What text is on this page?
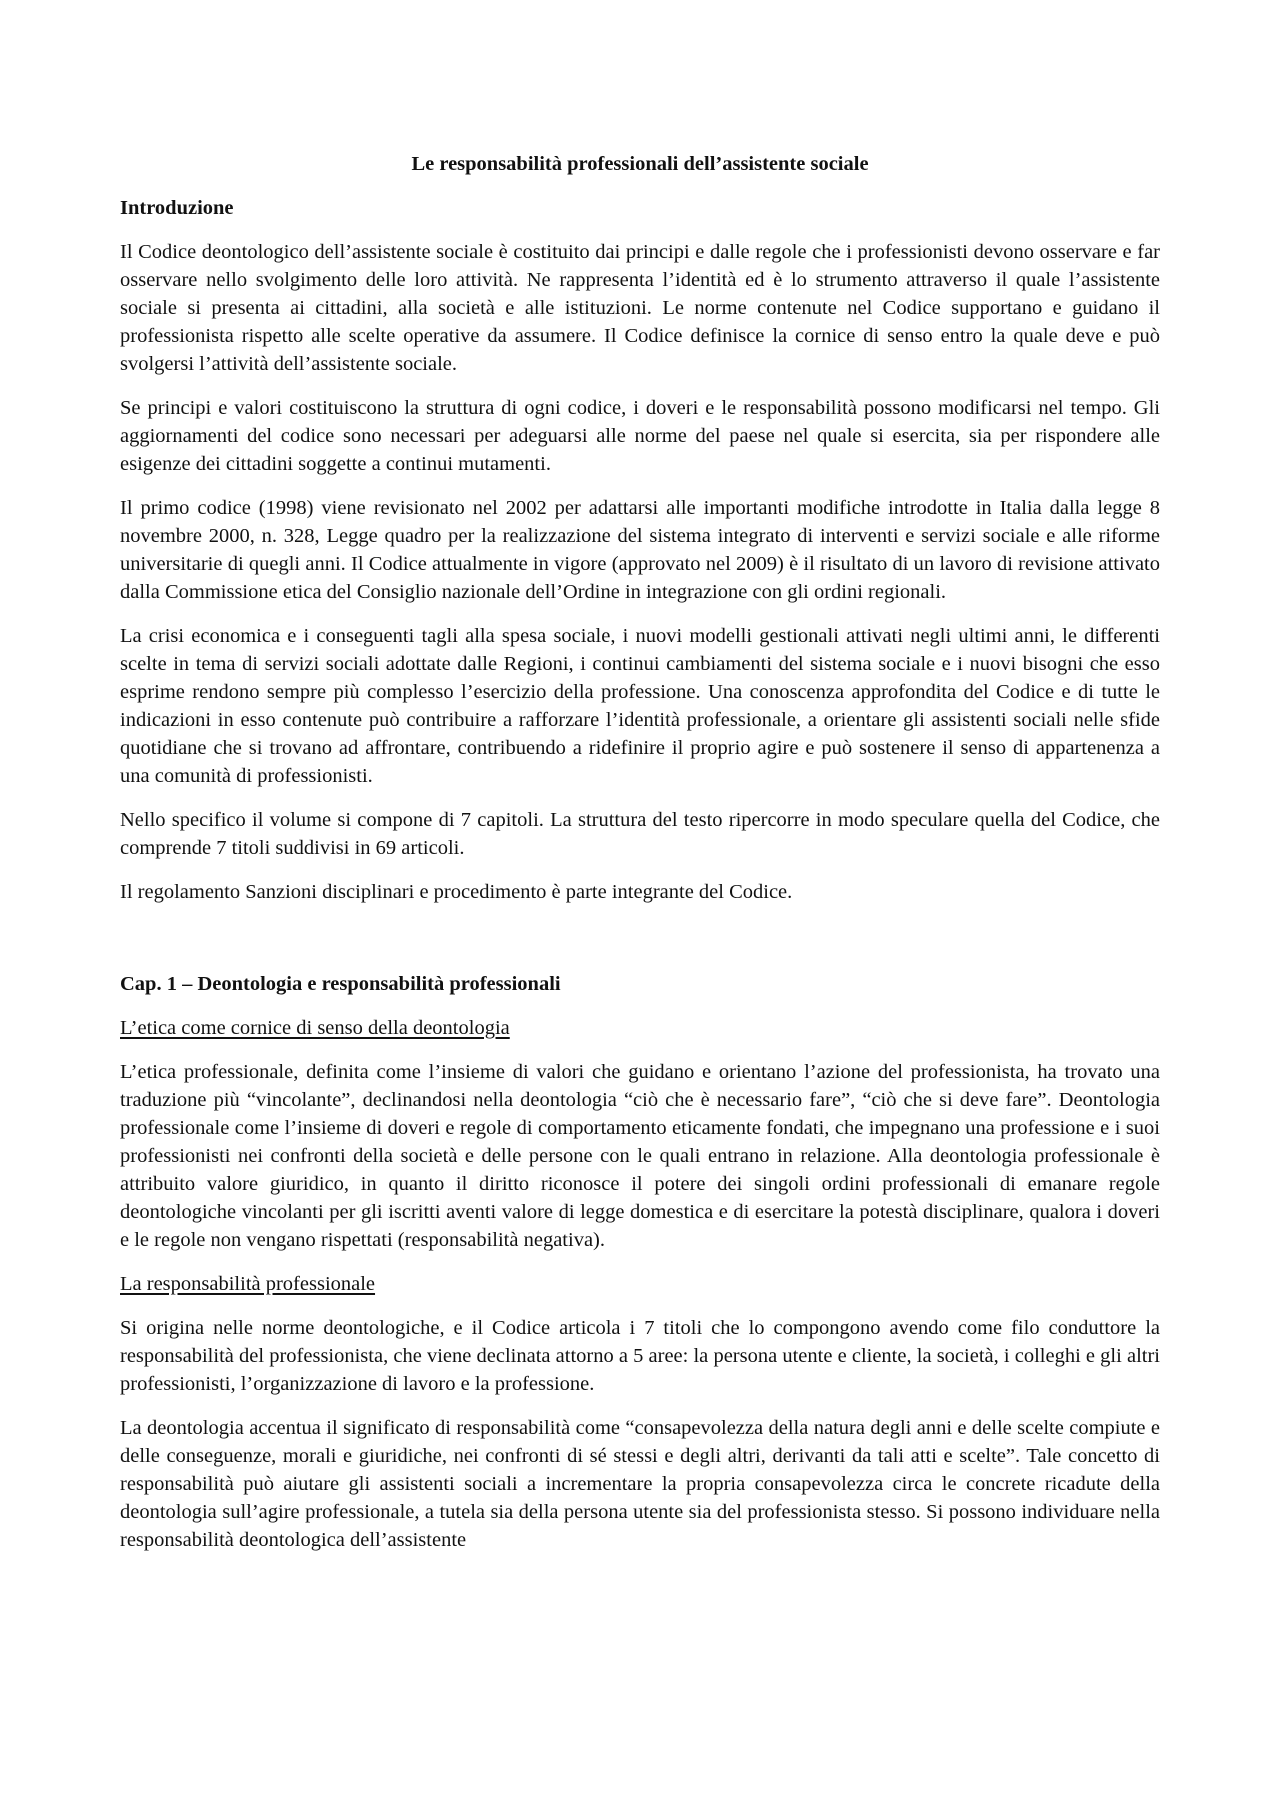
Le responsabilità professionali dell’assistente sociale
Introduzione

Il Codice deontologico dell’assistente sociale è costituito dai principi e dalle regole che i professionisti devono osservare e far osservare nello svolgimento delle loro attività. Ne rappresenta l’identità ed è lo strumento attraverso il quale l’assistente sociale si presenta ai cittadini, alla società e alle istituzioni. Le norme contenute nel Codice supportano e guidano il professionista rispetto alle scelte operative da assumere. Il Codice definisce la cornice di senso entro la quale deve e può svolgersi l’attività dell’assistente sociale.

Se principi e valori costituiscono la struttura di ogni codice, i doveri e le responsabilità possono modificarsi nel tempo. Gli aggiornamenti del codice sono necessari per adeguarsi alle norme del paese nel quale si esercita, sia per rispondere alle esigenze dei cittadini soggette a continui mutamenti.

Il primo codice (1998) viene revisionato nel 2002 per adattarsi alle importanti modifiche introdotte in Italia dalla legge 8 novembre 2000, n. 328, Legge quadro per la realizzazione del sistema integrato di interventi e servizi sociale e alle riforme universitarie di quegli anni. Il Codice attualmente in vigore (approvato nel 2009) è il risultato di un lavoro di revisione attivato dalla Commissione etica del Consiglio nazionale dell’Ordine in integrazione con gli ordini regionali.

La crisi economica e i conseguenti tagli alla spesa sociale, i nuovi modelli gestionali attivati negli ultimi anni, le differenti scelte in tema di servizi sociali adottate dalle Regioni, i continui cambiamenti del sistema sociale e i nuovi bisogni che esso esprime rendono sempre più complesso l’esercizio della professione. Una conoscenza approfondita del Codice e di tutte le indicazioni in esso contenute può contribuire a rafforzare l’identità professionale, a orientare gli assistenti sociali nelle sfide quotidiane che si trovano ad affrontare, contribuendo a ridefinire il proprio agire e può sostenere il senso di appartenenza a una comunità di professionisti.

Nello specifico il volume si compone di 7 capitoli. La struttura del testo ripercorre in modo speculare quella del Codice, che comprende 7 titoli suddivisi in 69 articoli.

Il regolamento Sanzioni disciplinari e procedimento è parte integrante del Codice.

Cap. 1 – Deontologia e responsabilità professionali
L’etica come cornice di senso della deontologia

L’etica professionale, definita come l’insieme di valori che guidano e orientano l’azione del professionista, ha trovato una traduzione più “vincolante”, declinandosi nella deontologia “ciò che è necessario fare”, “ciò che si deve fare”. Deontologia professionale come l’insieme di doveri e regole di comportamento eticamente fondati, che impegnano una professione e i suoi professionisti nei confronti della società e delle persone con le quali entrano in relazione. Alla deontologia professionale è attribuito valore giuridico, in quanto il diritto riconosce il potere dei singoli ordini professionali di emanare regole deontologiche vincolanti per gli iscritti aventi valore di legge domestica e di esercitare la potestà disciplinare, qualora i doveri e le regole non vengano rispettati (responsabilità negativa).

La responsabilità professionale

Si origina nelle norme deontologiche, e il Codice articola i 7 titoli che lo compongono avendo come filo conduttore la responsabilità del professionista, che viene declinata attorno a 5 aree: la persona utente e cliente, la società, i colleghi e gli altri professionisti, l’organizzazione di lavoro e la professione.

La deontologia accentua il significato di responsabilità come “consapevolezza della natura degli anni e delle scelte compiute e delle conseguenze, morali e giuridiche, nei confronti di sé stessi e degli altri, derivanti da tali atti e scelte”. Tale concetto di responsabilità può aiutare gli assistenti sociali a incrementare la propria consapevolezza circa le concrete ricadute della deontologia sull’agire professionale, a tutela sia della persona utente sia del professionista stesso. Si possono individuare nella responsabilità deontologica dell’assistente
